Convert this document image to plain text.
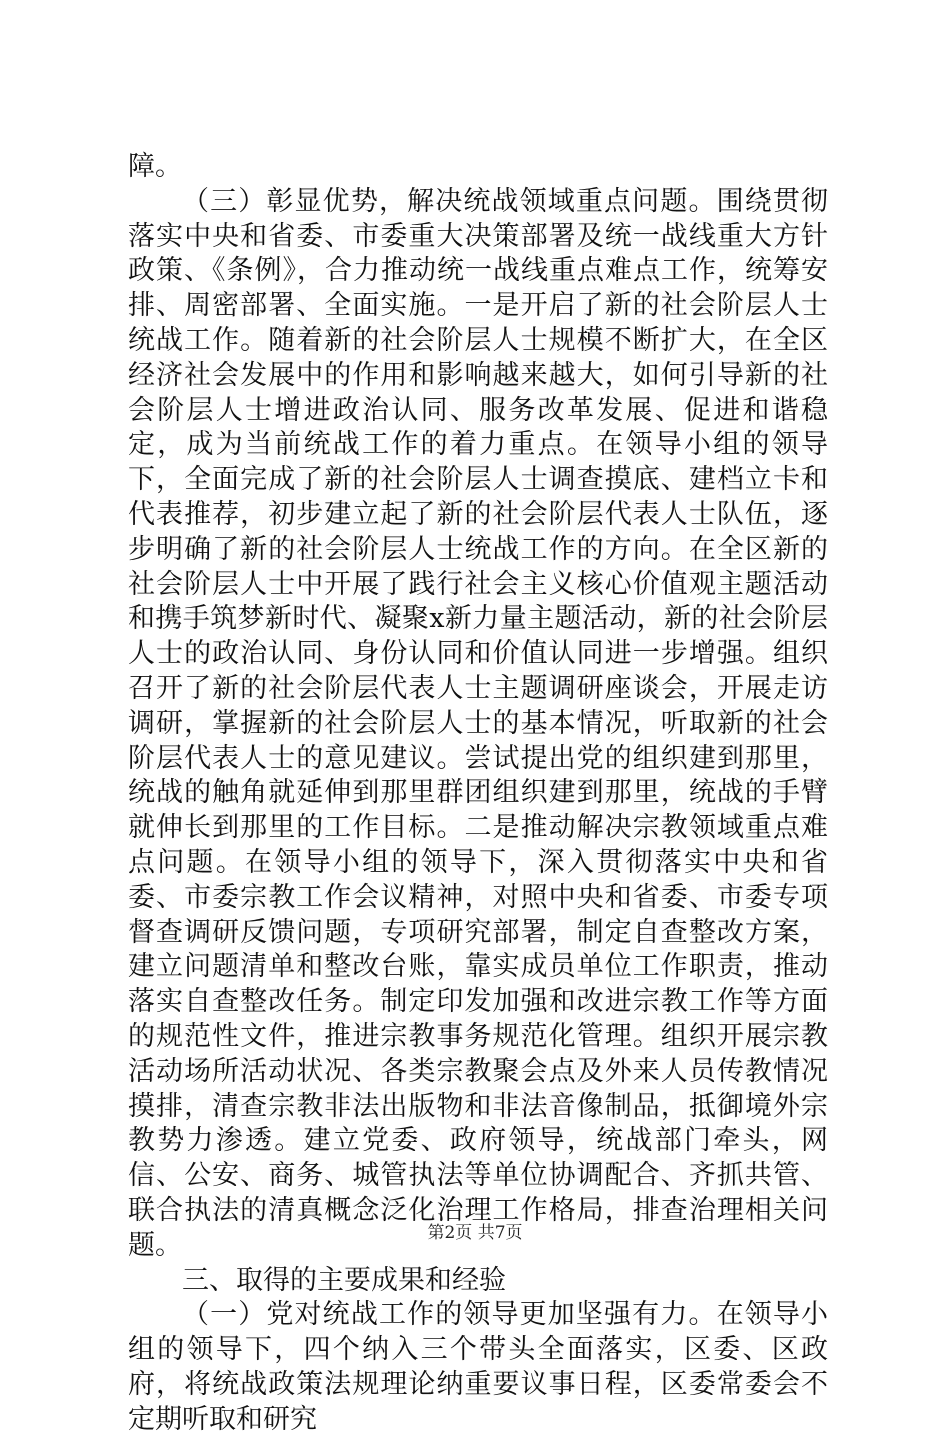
障。

（三）彰显优势，解决统战领域重点问题。围绕贯彻落实中央和省委、市委重大决策部署及统一战线重大方针政策、《条例》，合力推动统一战线重点难点工作，统筹安排、周密部署、全面实施。一是开启了新的社会阶层人士统战工作。随着新的社会阶层人士规模不断扩大，在全区经济社会发展中的作用和影响越来越大，如何引导新的社会阶层人士增进政治认同、服务改革发展、促进和谐稳定，成为当前统战工作的着力重点。在领导小组的领导下，全面完成了新的社会阶层人士调查摸底、建档立卡和代表推荐，初步建立起了新的社会阶层代表人士队伍，逐步明确了新的社会阶层人士统战工作的方向。在全区新的社会阶层人士中开展了践行社会主义核心价值观主题活动和携手筑梦新时代、凝聚x新力量主题活动，新的社会阶层人士的政治认同、身份认同和价值认同进一步增强。组织召开了新的社会阶层代表人士主题调研座谈会，开展走访调研，掌握新的社会阶层人士的基本情况，听取新的社会阶层代表人士的意见建议。尝试提出党的组织建到那里，统战的触角就延伸到那里群团组织建到那里，统战的手臂就伸长到那里的工作目标。二是推动解决宗教领域重点难点问题。在领导小组的领导下，深入贯彻落实中央和省委、市委宗教工作会议精神，对照中央和省委、市委专项督查调研反馈问题，专项研究部署，制定自查整改方案，建立问题清单和整改台账，靠实成员单位工作职责，推动落实自查整改任务。制定印发加强和改进宗教工作等方面的规范性文件，推进宗教事务规范化管理。组织开展宗教活动场所活动状况、各类宗教聚会点及外来人员传教情况摸排，清查宗教非法出版物和非法音像制品，抵御境外宗教势力渗透。建立党委、政府领导，统战部门牵头，网信、公安、商务、城管执法等单位协调配合、齐抓共管、联合执法的清真概念泛化治理工作格局，排查治理相关问题。

三、取得的主要成果和经验

（一）党对统战工作的领导更加坚强有力。在领导小组的领导下，四个纳入三个带头全面落实，区委、区政府，将统战政策法规理论纳重要议事日程，区委常委会不定期听取和研究

第2页 共7页
